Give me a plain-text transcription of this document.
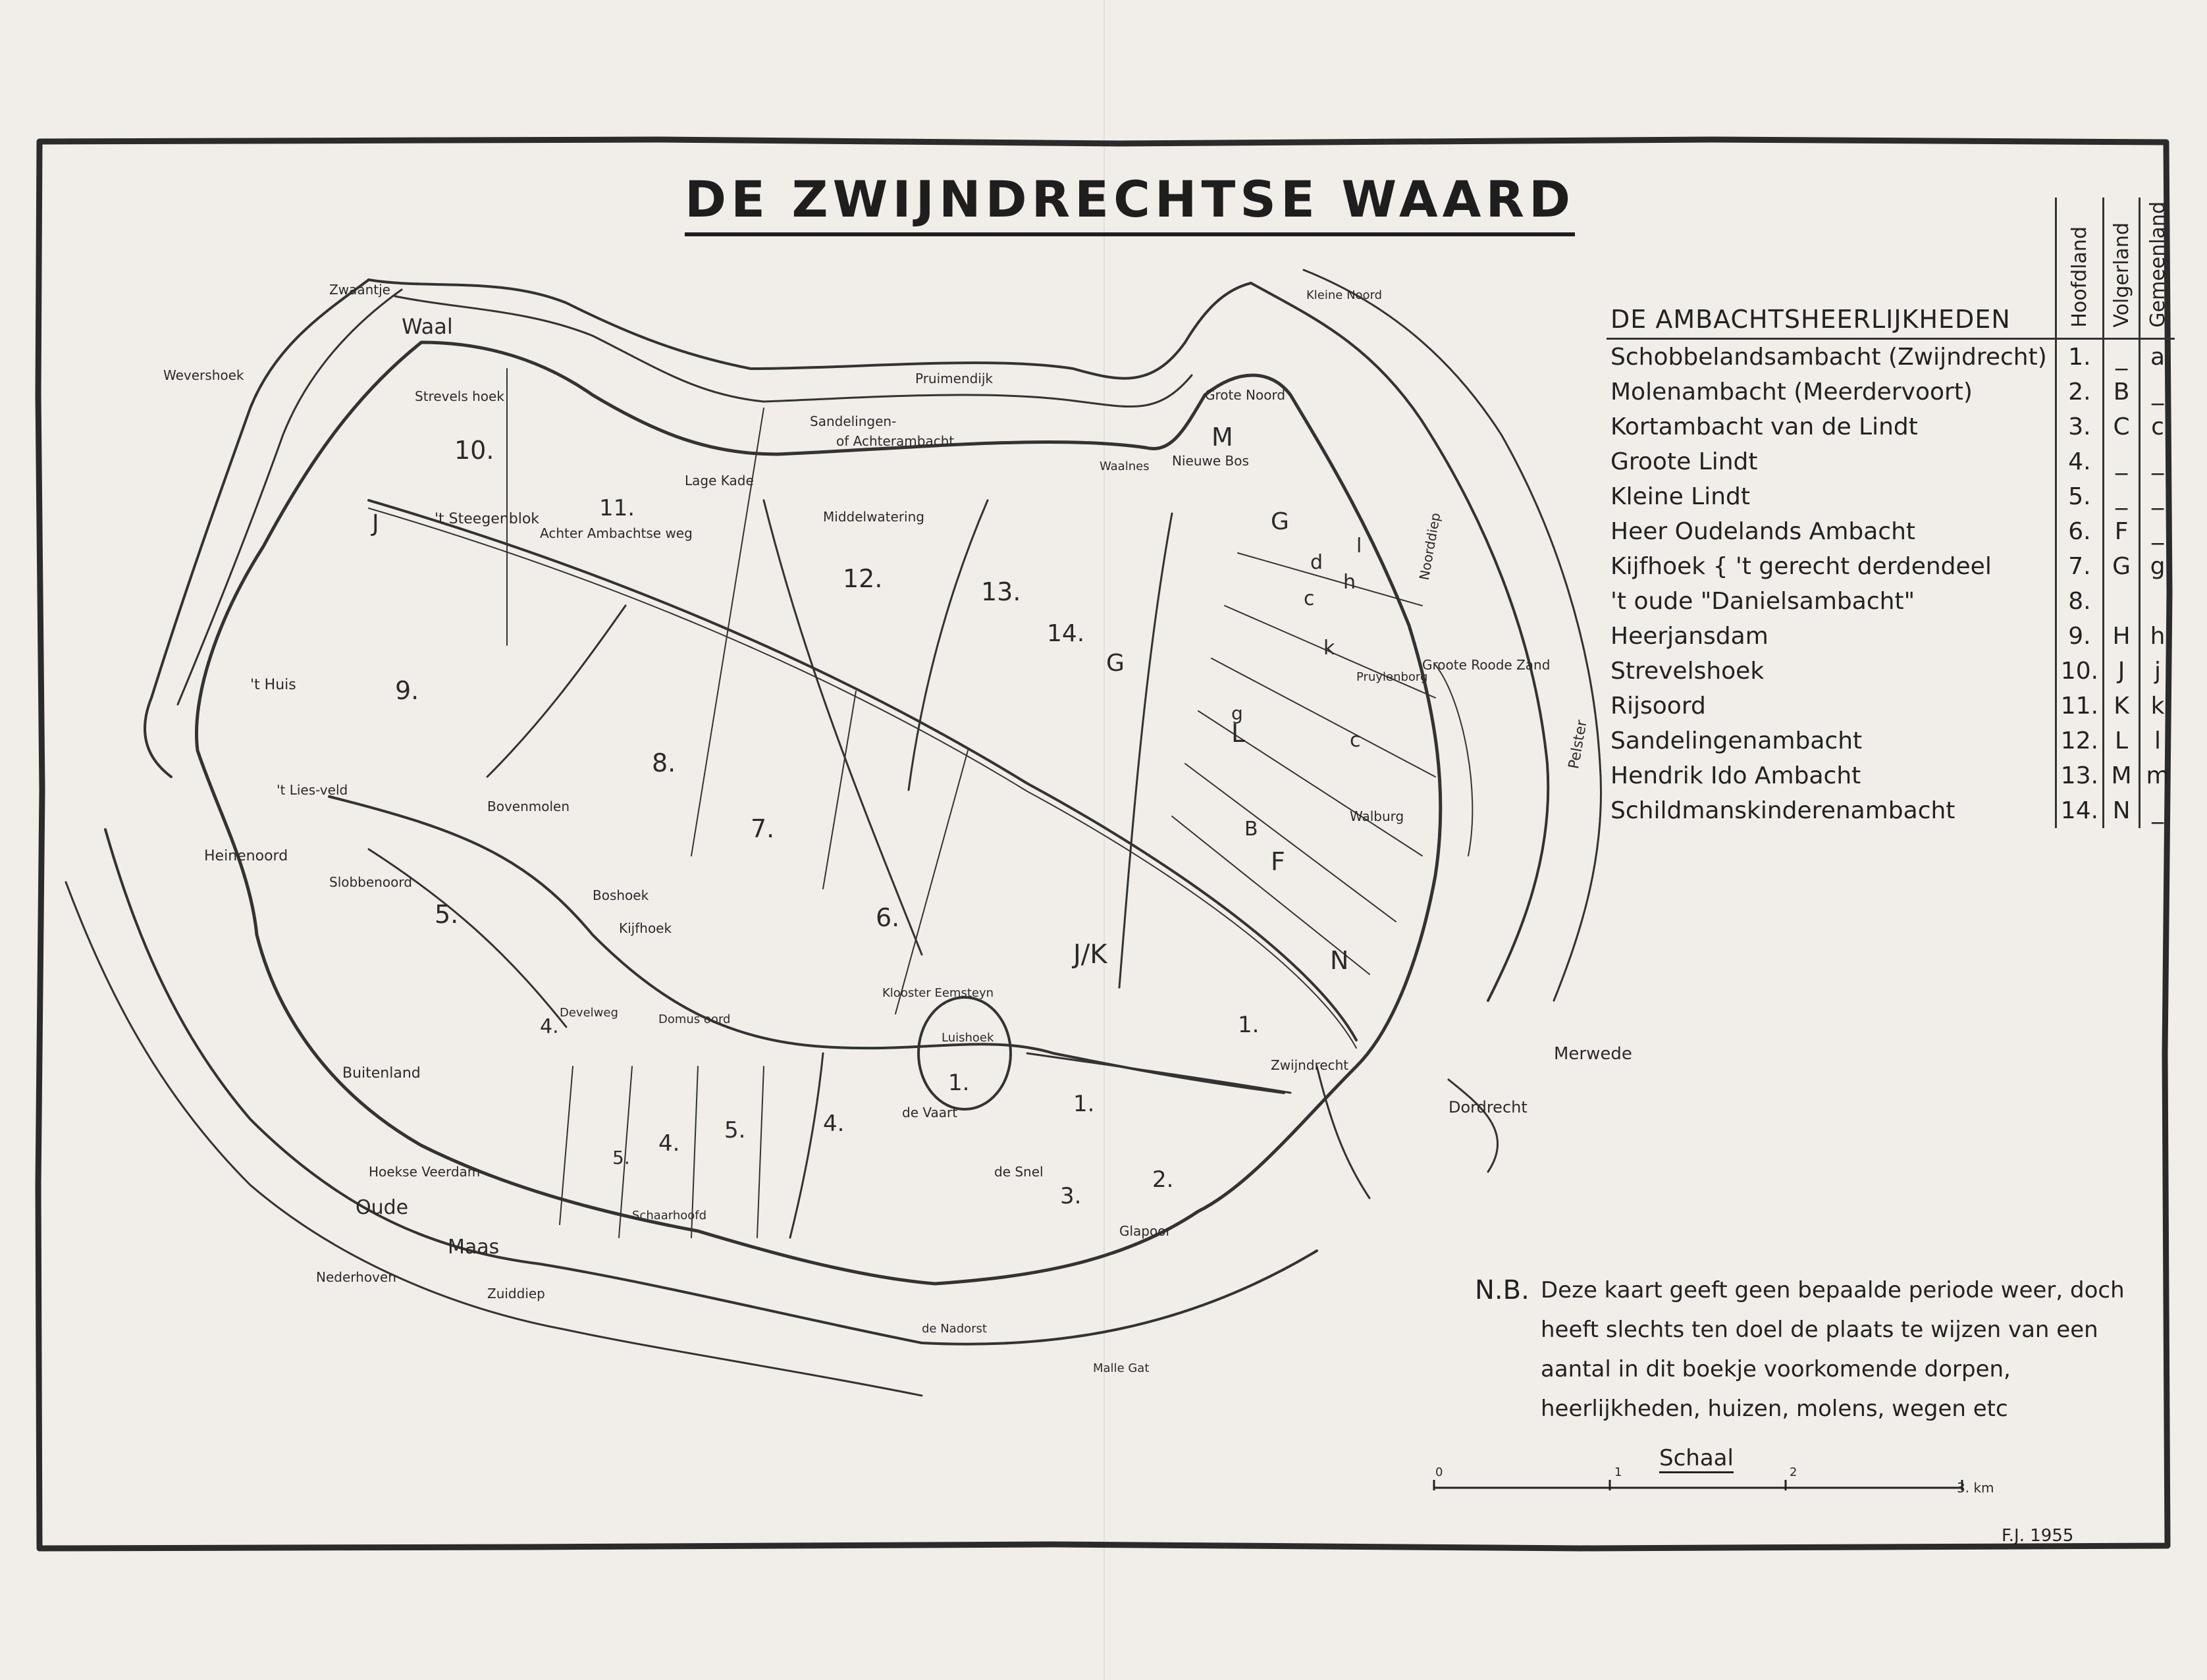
DE ZWIJNDRECHTSE WAARD
Waal
Oude
Maas
Merwede
Zuiddiep
Pelster
Noorddiep
Middelwatering
Zwaantje
Wevershoek
Strevels hoek
Pruimendijk
Sandelingen-
of Achterambacht
Kleine Noord
Grote Noord
Nieuwe Bos
Waalnes
Lage Kade
Achter Ambachtse weg
't Steegenblok
't Huis
't Lies-veld
Heinenoord
Slobbenoord
Bovenmolen
Boshoek
Kijfhoek
Develweg	Domus oord
Klooster Eemsteyn
Luishoek
de Vaart
de Snel
Glapoor
Dordrecht
Zwijndrecht
Walburg
Groote Roode Zand
Pruylenborg
Buitenland
Hoekse Veerdam
Nederhoven
Schaarhoofd
de Nadorst
Malle Gat
1.
1.
1.
2.
3.
4.
4.
4.
5.
5.
5.
6.
7.
8.
9.
10.
11.
12.	13.
14.
J
M
G
L
F
N
J/K
G
c
c
d
k
h
l
B
g
DE AMBACHTSHEERLIJKHEDEN	Hoofdland	Volgerland	Gemeenland
Schobbelandsambacht (Zwijndrecht)	1.	_	a
Molenambacht (Meerdervoort)	2.	B	_
Kortambacht van de Lindt	3.	C	c
Groote Lindt	4.	_	_
Kleine Lindt	5.	_	_
Heer Oudelands Ambacht	6.	F	_
Kijfhoek { 't gerecht derdendeel	7.	G	g
't oude "Danielsambacht"	8.		
Heerjansdam	9.	H	h
Strevelshoek	10.	J	j
Rijsoord	11.	K	k
Sandelingenambacht	12.	L	l
Hendrik Ido Ambacht	13.	M	m
Schildmanskinderenambacht	14.	N	_
N.B. Deze kaart geeft geen bepaalde periode weer, doch heeft slechts ten doel de plaats te wijzen van een aantal in dit boekje voorkomende dorpen, heerlijkheden, huizen, molens, wegen etc
Schaal
0	1	2
3. km
F.J. 1955
